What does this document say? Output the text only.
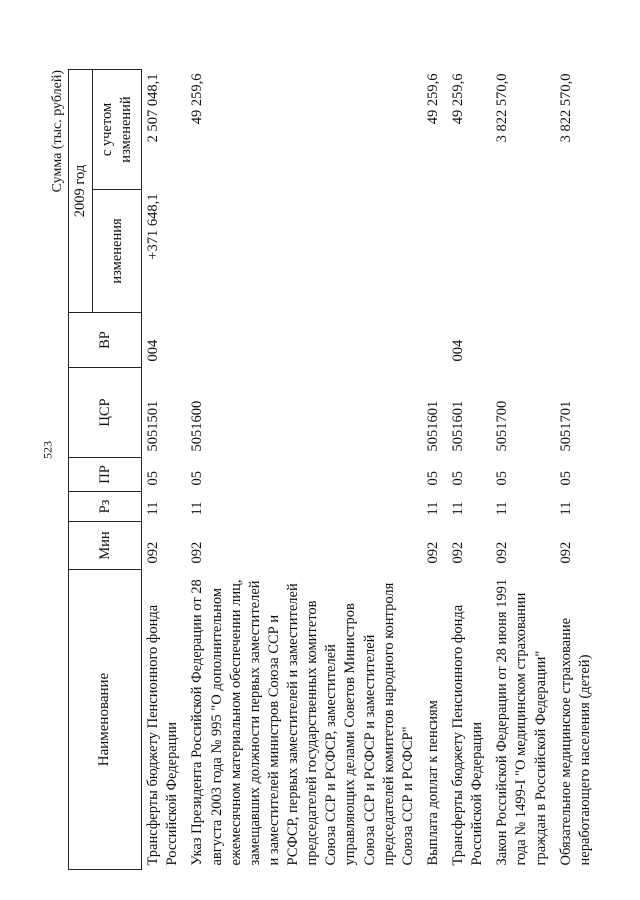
523
Сумма (тыс. рублей)
Наименование	Мин	Рз	ПР	ЦСР	ВР	2009 год	
						изменения	с учетом изменений
Трансферты бюджету Пенсионного фонда Российской Федерации	092	11	05	5051501	004	+371 648,1	2 507 048,1
Указ Президента Российской Федерации от 28 августа 2003 года № 995 "О дополнительном ежемесячном материальном обеспечении лиц, замещавших должности первых заместителей и заместителей министров Союза ССР и РСФСР, первых заместителей и заместителей председателей государственных комитетов Союза ССР и РСФСР, заместителей управляющих делами Советов Министров Союза ССР и РСФСР и заместителей председателей комитетов народного контроля Союза ССР и РСФСР"	092	11	05	5051600			49 259,6
Выплата доплат к пенсиям	092	11	05	5051601			49 259,6
Трансферты бюджету Пенсионного фонда Российской Федерации	092	11	05	5051601	004		49 259,6
Закон Российской Федерации от 28 июня 1991 года № 1499-I "О медицинском страховании граждан в Российской Федерации"	092	11	05	5051700			3 822 570,0
Обязательное медицинское страхование неработающего населения (детей)	092	11	05	5051701			3 822 570,0
